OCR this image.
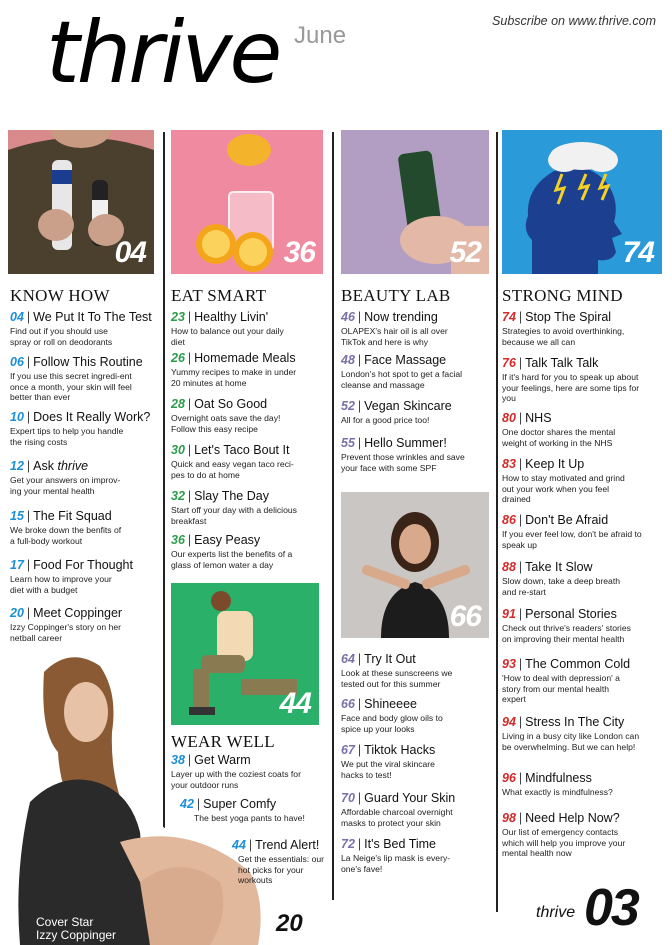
thrive June
Subscribe on www.thrive.com
04	36	52	74
44
66
KNOW HOW	EAT SMART	BEAUTY LAB	STRONG MIND
WEAR WELL
04 | We Put It To The Test
Find out if you should use spray or roll on deodorants
06 | Follow This Routine
If you use this secret ingredi-ent once a month, your skin will feel better than ever
10 | Does It Really Work?
Expert tips to help you handle the rising costs
12 | Ask thrive
Get your answers on improv-ing your mental health
15 | The Fit Squad
We broke down the benfits of a full-body workout
17 | Food For Thought
Learn how to improve your diet with a budget
20 | Meet Coppinger
Izzy Coppinger's story on her netball career
23 | Healthy Livin'
How to balance out your daily diet
26 | Homemade Meals
Yummy recipes to make in under 20 minutes at home
28 | Oat So Good
Overnight oats save the day! Follow this easy recipe
30 | Let's Taco Bout It
Quick and easy vegan taco reci-pes to do at home
32 | Slay The Day
Start off your day with a delicious breakfast
36 | Easy Peasy
Our experts list the benefits of a glass of lemon water a day
38 | Get Warm
Layer up with the coziest coats for your outdoor runs
42 | Super Comfy
The best yoga pants to have!
44 | Trend Alert!
Get the essentials: our hot picks for your workouts
46 | Now trending
OLAPEX's hair oil is all over TikTok and here is why
48 | Face Massage
London's hot spot to get a facial cleanse and massage
52 | Vegan Skincare
All for a good price too!
55 | Hello Summer!
Prevent those wrinkles and save your face with some SPF
64 | Try It Out
Look at these sunscreens we tested out for this summer
66 | Shineeee
Face and body glow oils to spice up your looks
67 | Tiktok Hacks
We put the viral skincare hacks to test!
70 | Guard Your Skin
Affordable charcoal overnight masks to protect your skin
72 | It's Bed Time
La Neige's lip mask is every-one's fave!
74 | Stop The Spiral
Strategies to avoid overthinking, because we all can
76 | Talk Talk Talk
If it's hard for you to speak up about your feelings, here are some tips for you
80 | NHS
One doctor shares the mental weight of working in the NHS
83 | Keep It Up
How to stay motivated and grind out your work when you feel drained
86 | Don't Be Afraid
If you ever feel low, don't be afraid to speak up
88 | Take It Slow
Slow down, take a deep breath and re-start
91 | Personal Stories
Check out thrive's readers' stories on improving their mental health
93 | The Common Cold
'How to deal with depression' a story from our mental health expert
94 | Stress In The City
Living in a busy city like London can be overwhelming. But we can help!
96 | Mindfulness
What exactly is mindfulness?
98 | Need Help Now?
Our list of emergency contacts which will help you improve your mental health now
Cover Star
Izzy Coppinger	20	thrive 03
